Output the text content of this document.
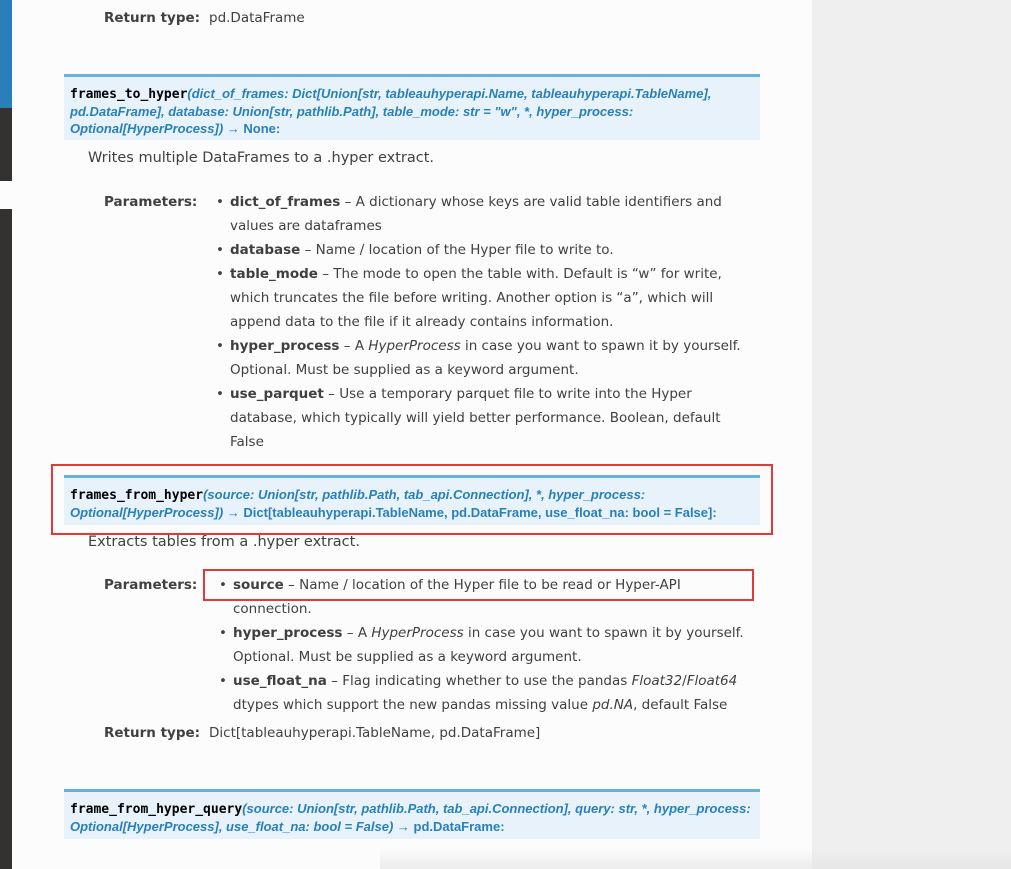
Return type: pd.DataFrame
frames_to_hyper(dict_of_frames: Dict[Union[str, tableauhyperapi.Name, tableauhyperapi.TableName],
pd.DataFrame], database: Union[str, pathlib.Path], table_mode: str = "w", *, hyper_process:
Optional[HyperProcess]) → None:
Writes multiple DataFrames to a .hyper extract.
Parameters:	• dict_of_frames – A dictionary whose keys are valid table identifiers and values are dataframes
• database – Name / location of the Hyper file to write to.
• table_mode – The mode to open the table with. Default is “w” for write, which truncates the file before writing. Another option is “a”, which will append data to the file if it already contains information.
• hyper_process – A HyperProcess in case you want to spawn it by yourself. Optional. Must be supplied as a keyword argument.
• use_parquet – Use a temporary parquet file to write into the Hyper database, which typically will yield better performance. Boolean, default False
frames_from_hyper(source: Union[str, pathlib.Path, tab_api.Connection], *, hyper_process:
Optional[HyperProcess]) → Dict[tableauhyperapi.TableName, pd.DataFrame, use_float_na: bool = False]:
Extracts tables from a .hyper extract.
Parameters:	• source – Name / location of the Hyper file to be read or Hyper-API connection.
• hyper_process – A HyperProcess in case you want to spawn it by yourself. Optional. Must be supplied as a keyword argument.
• use_float_na – Flag indicating whether to use the pandas Float32/Float64 dtypes which support the new pandas missing value pd.NA, default False
Return type: Dict[tableauhyperapi.TableName, pd.DataFrame]
frame_from_hyper_query(source: Union[str, pathlib.Path, tab_api.Connection], query: str, *, hyper_process:
Optional[HyperProcess], use_float_na: bool = False) → pd.DataFrame:
